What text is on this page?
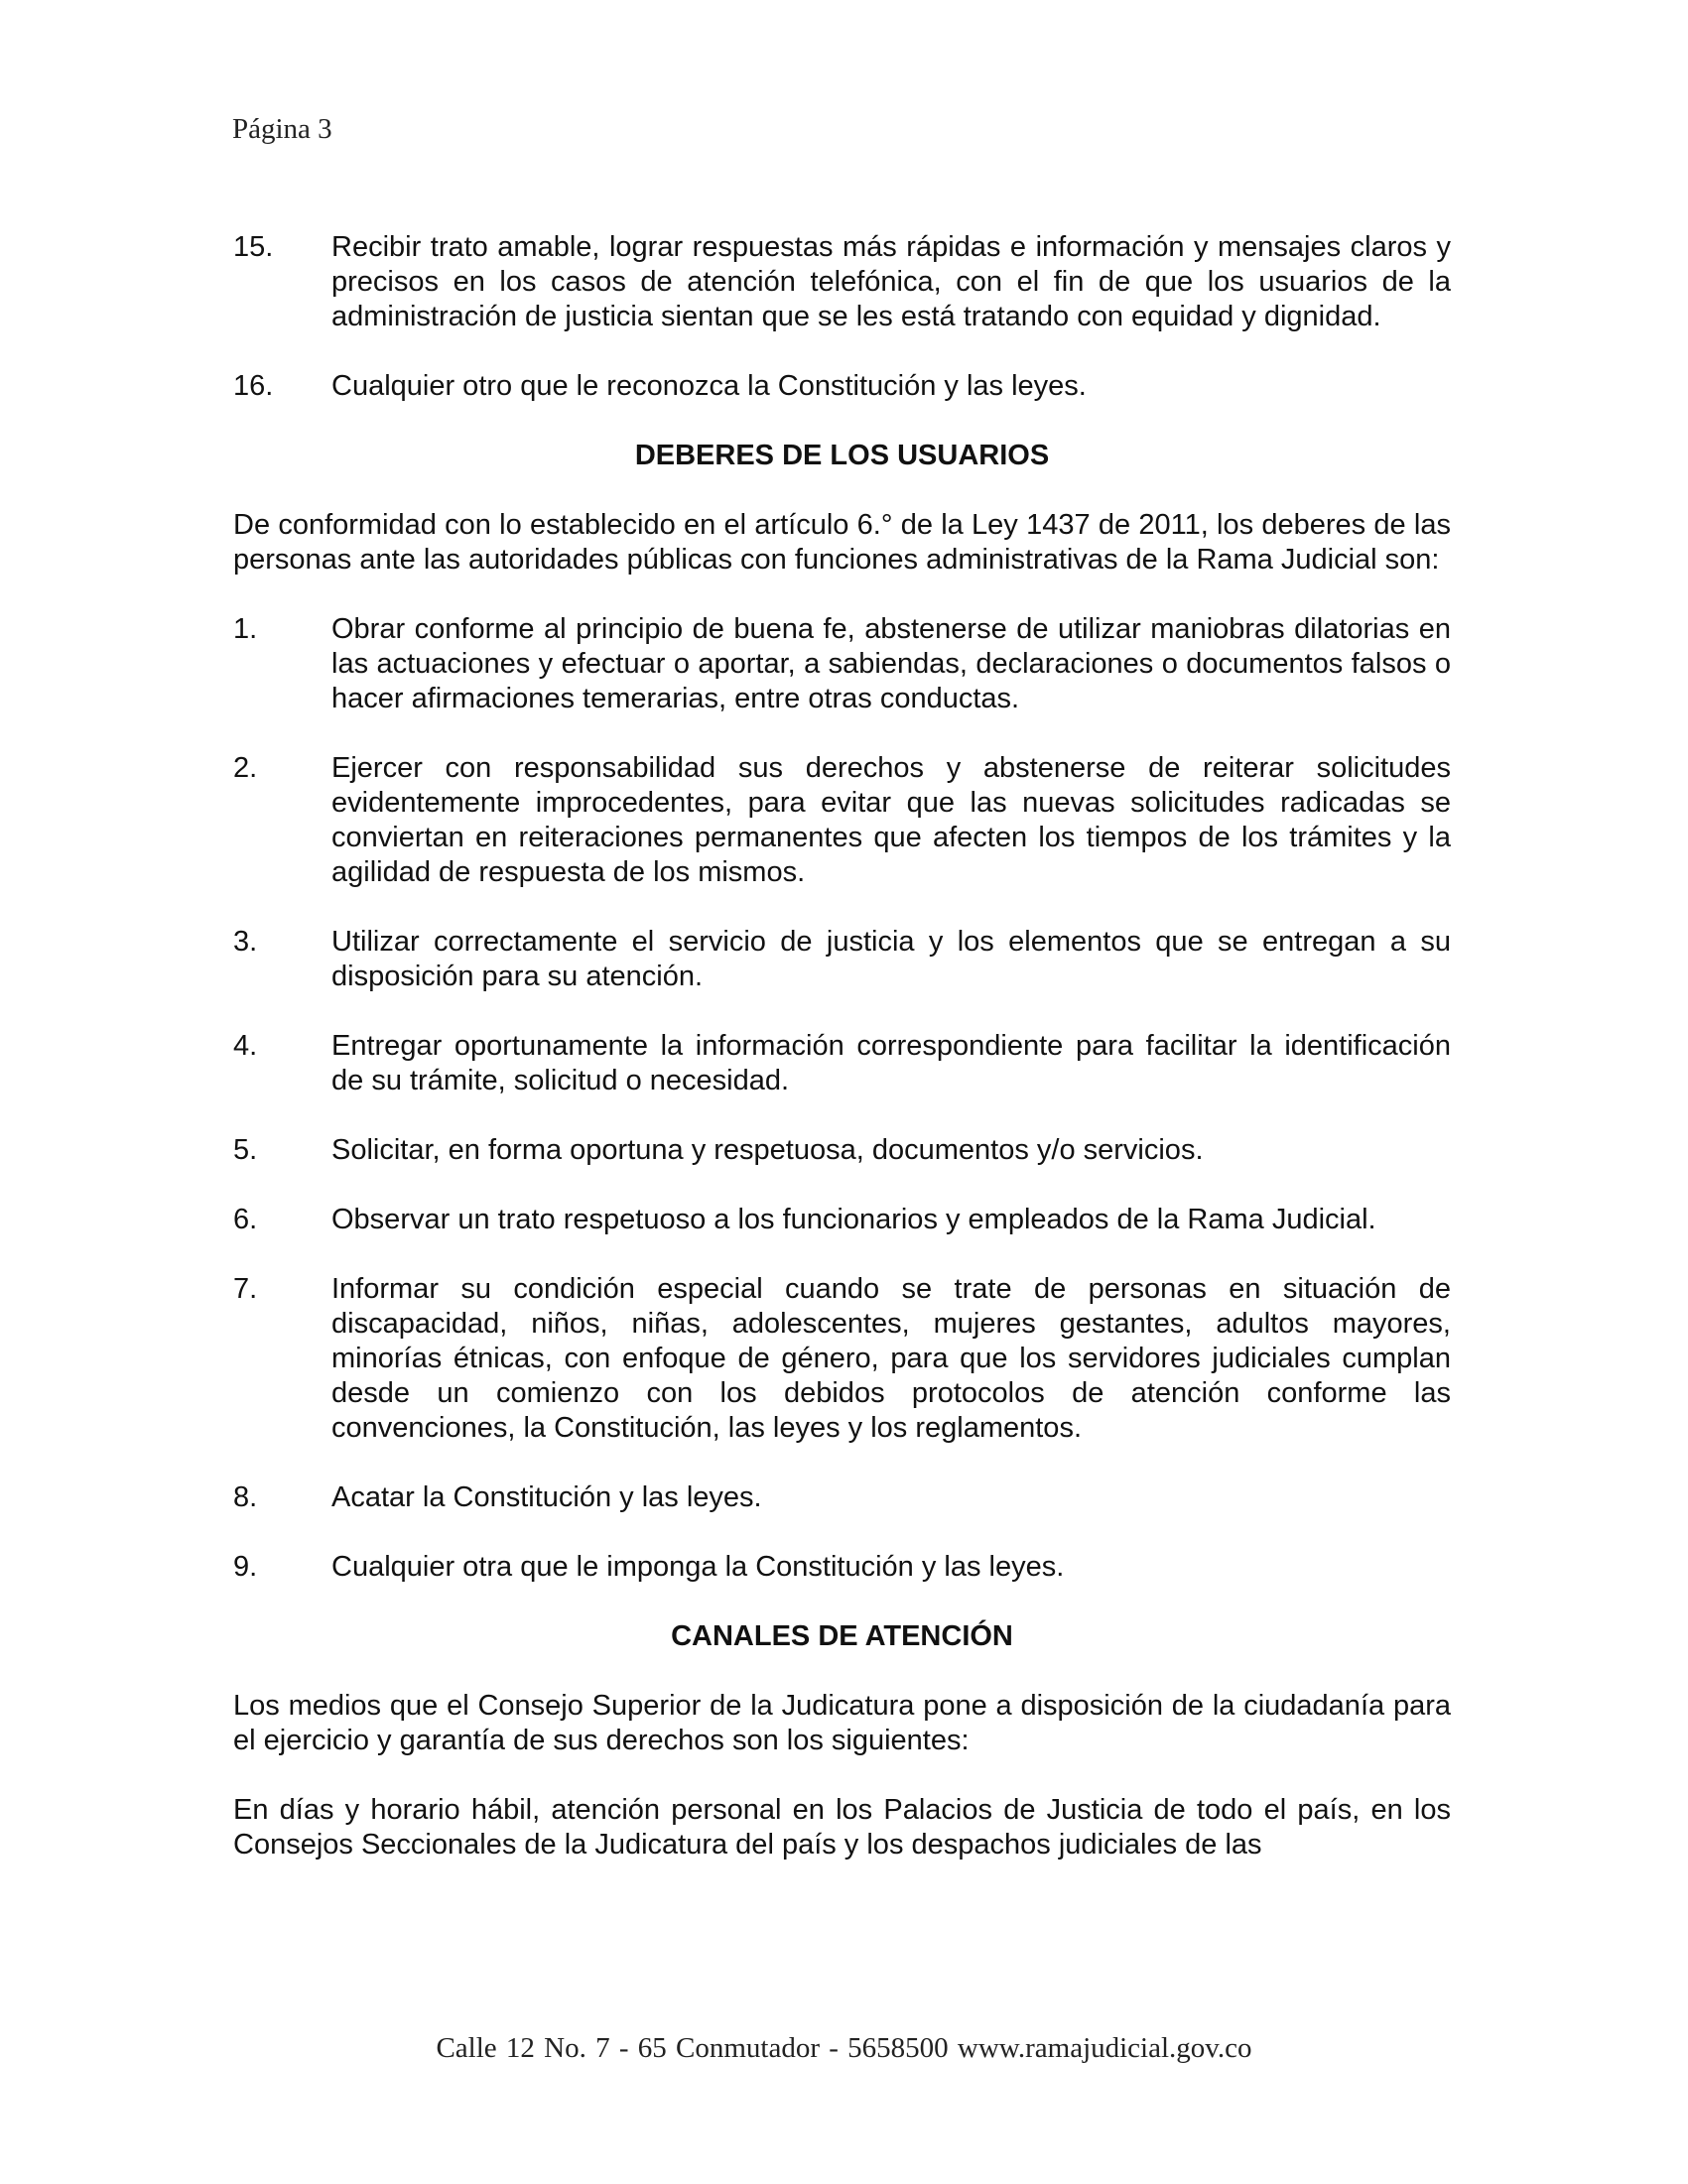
Página 3

15. Recibir trato amable, lograr respuestas más rápidas e información y mensajes claros y precisos en los casos de atención telefónica, con el fin de que los usuarios de la administración de justicia sientan que se les está tratando con equidad y dignidad.

16. Cualquier otro que le reconozca la Constitución y las leyes.

DEBERES DE LOS USUARIOS

De conformidad con lo establecido en el artículo 6.° de la Ley 1437 de 2011, los deberes de las personas ante las autoridades públicas con funciones administrativas de la Rama Judicial son:

1.	Obrar conforme al principio de buena fe, abstenerse de utilizar maniobras dilatorias en las actuaciones y efectuar o aportar, a sabiendas, declaraciones o documentos falsos o hacer afirmaciones temerarias, entre otras conductas.

2.	Ejercer con responsabilidad sus derechos y abstenerse de reiterar solicitudes evidentemente improcedentes, para evitar que las nuevas solicitudes radicadas se conviertan en reiteraciones permanentes que afecten los tiempos de los trámites y la agilidad de respuesta de los mismos.

3.	Utilizar correctamente el servicio de justicia y los elementos que se entregan a su disposición para su atención.

4.	Entregar oportunamente la información correspondiente para facilitar la identificación de su trámite, solicitud o necesidad.

5.	Solicitar, en forma oportuna y respetuosa, documentos y/o servicios.

6.	Observar un trato respetuoso a los funcionarios y empleados de la Rama Judicial.

7.	Informar su condición especial cuando se trate de personas en situación de discapacidad, niños, niñas, adolescentes, mujeres gestantes, adultos mayores, minorías étnicas, con enfoque de género, para que los servidores judiciales cumplan desde un comienzo con los debidos protocolos de atención conforme las convenciones, la Constitución, las leyes y los reglamentos.

8.	Acatar la Constitución y las leyes.

9.	Cualquier otra que le imponga la Constitución y las leyes.

CANALES DE ATENCIÓN

Los medios que el Consejo Superior de la Judicatura pone a disposición de la ciudadanía para el ejercicio y garantía de sus derechos son los siguientes:

En días y horario hábil, atención personal en los Palacios de Justicia de todo el país, en los Consejos Seccionales de la Judicatura del país y los despachos judiciales de las

Calle 12 No. 7 - 65 Conmutador - 5658500 www.ramajudicial.gov.co
